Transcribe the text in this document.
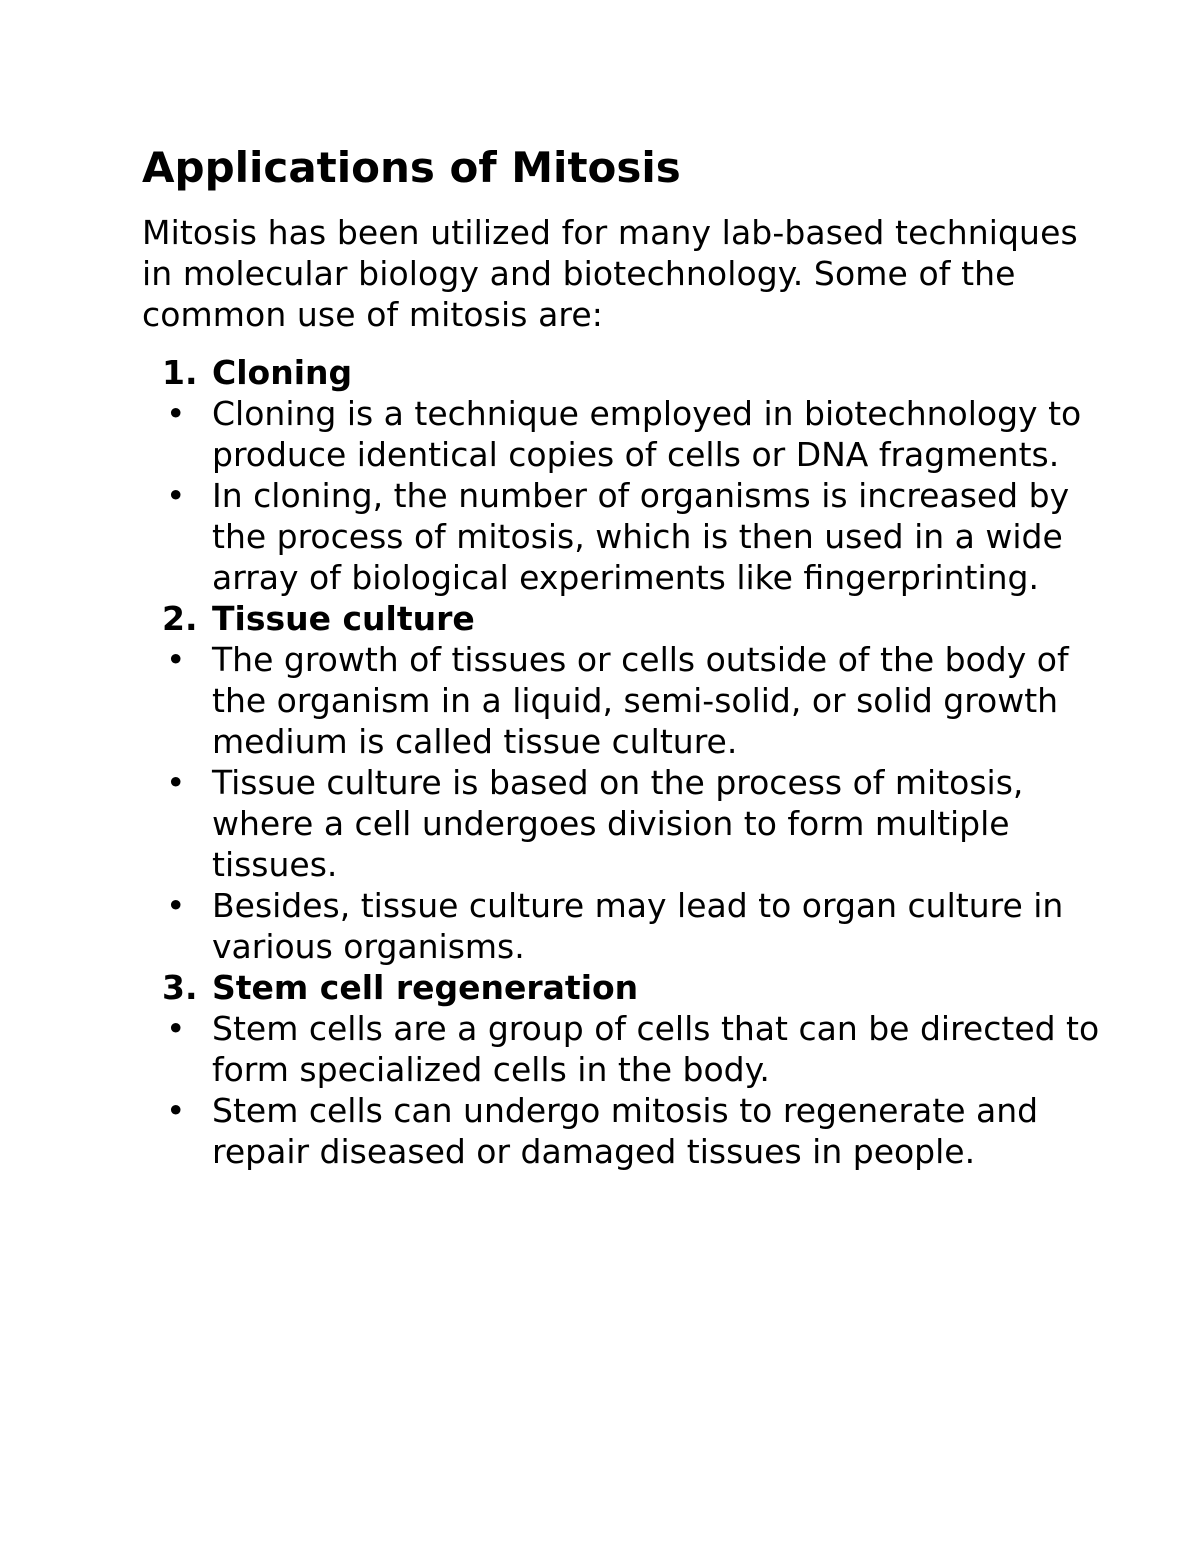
Applications of Mitosis

Mitosis has been utilized for many lab-based techniques in molecular biology and biotechnology. Some of the common use of mitosis are:

1. Cloning
• Cloning is a technique employed in biotechnology to produce identical copies of cells or DNA fragments.
• In cloning, the number of organisms is increased by the process of mitosis, which is then used in a wide array of biological experiments like fingerprinting.
2. Tissue culture
• The growth of tissues or cells outside of the body of the organism in a liquid, semi-solid, or solid growth medium is called tissue culture.
• Tissue culture is based on the process of mitosis, where a cell undergoes division to form multiple tissues.
• Besides, tissue culture may lead to organ culture in various organisms.
3. Stem cell regeneration
• Stem cells are a group of cells that can be directed to form specialized cells in the body.
• Stem cells can undergo mitosis to regenerate and repair diseased or damaged tissues in people.
